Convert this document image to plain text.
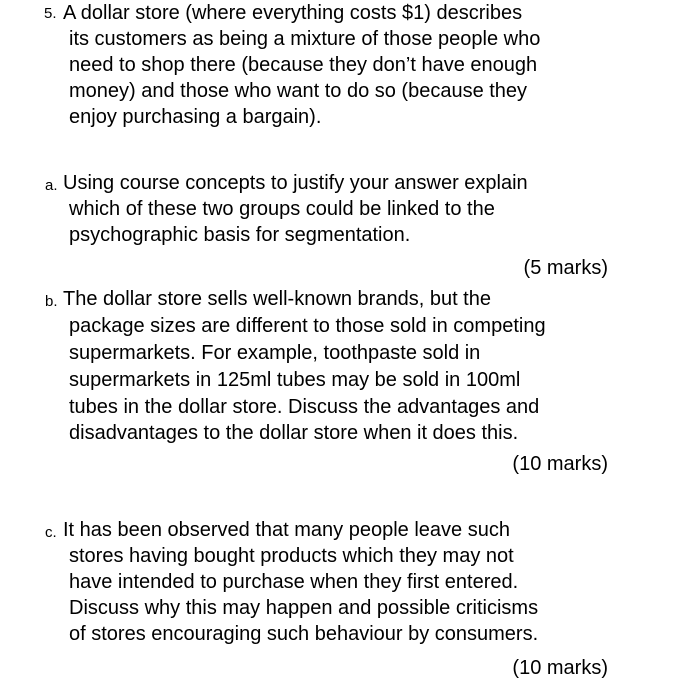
5. A dollar store (where everything costs $1) describes
its customers as being a mixture of those people who
need to shop there (because they don’t have enough
money) and those who want to do so (because they
enjoy purchasing a bargain).
a. Using course concepts to justify your answer explain
which of these two groups could be linked to the
psychographic basis for segmentation.
(5 marks)
b. The dollar store sells well-known brands, but the
package sizes are different to those sold in competing
supermarkets. For example, toothpaste sold in
supermarkets in 125ml tubes may be sold in 100ml
tubes in the dollar store. Discuss the advantages and
disadvantages to the dollar store when it does this.
(10 marks)
c. It has been observed that many people leave such
stores having bought products which they may not
have intended to purchase when they first entered.
Discuss why this may happen and possible criticisms
of stores encouraging such behaviour by consumers.
(10 marks)
